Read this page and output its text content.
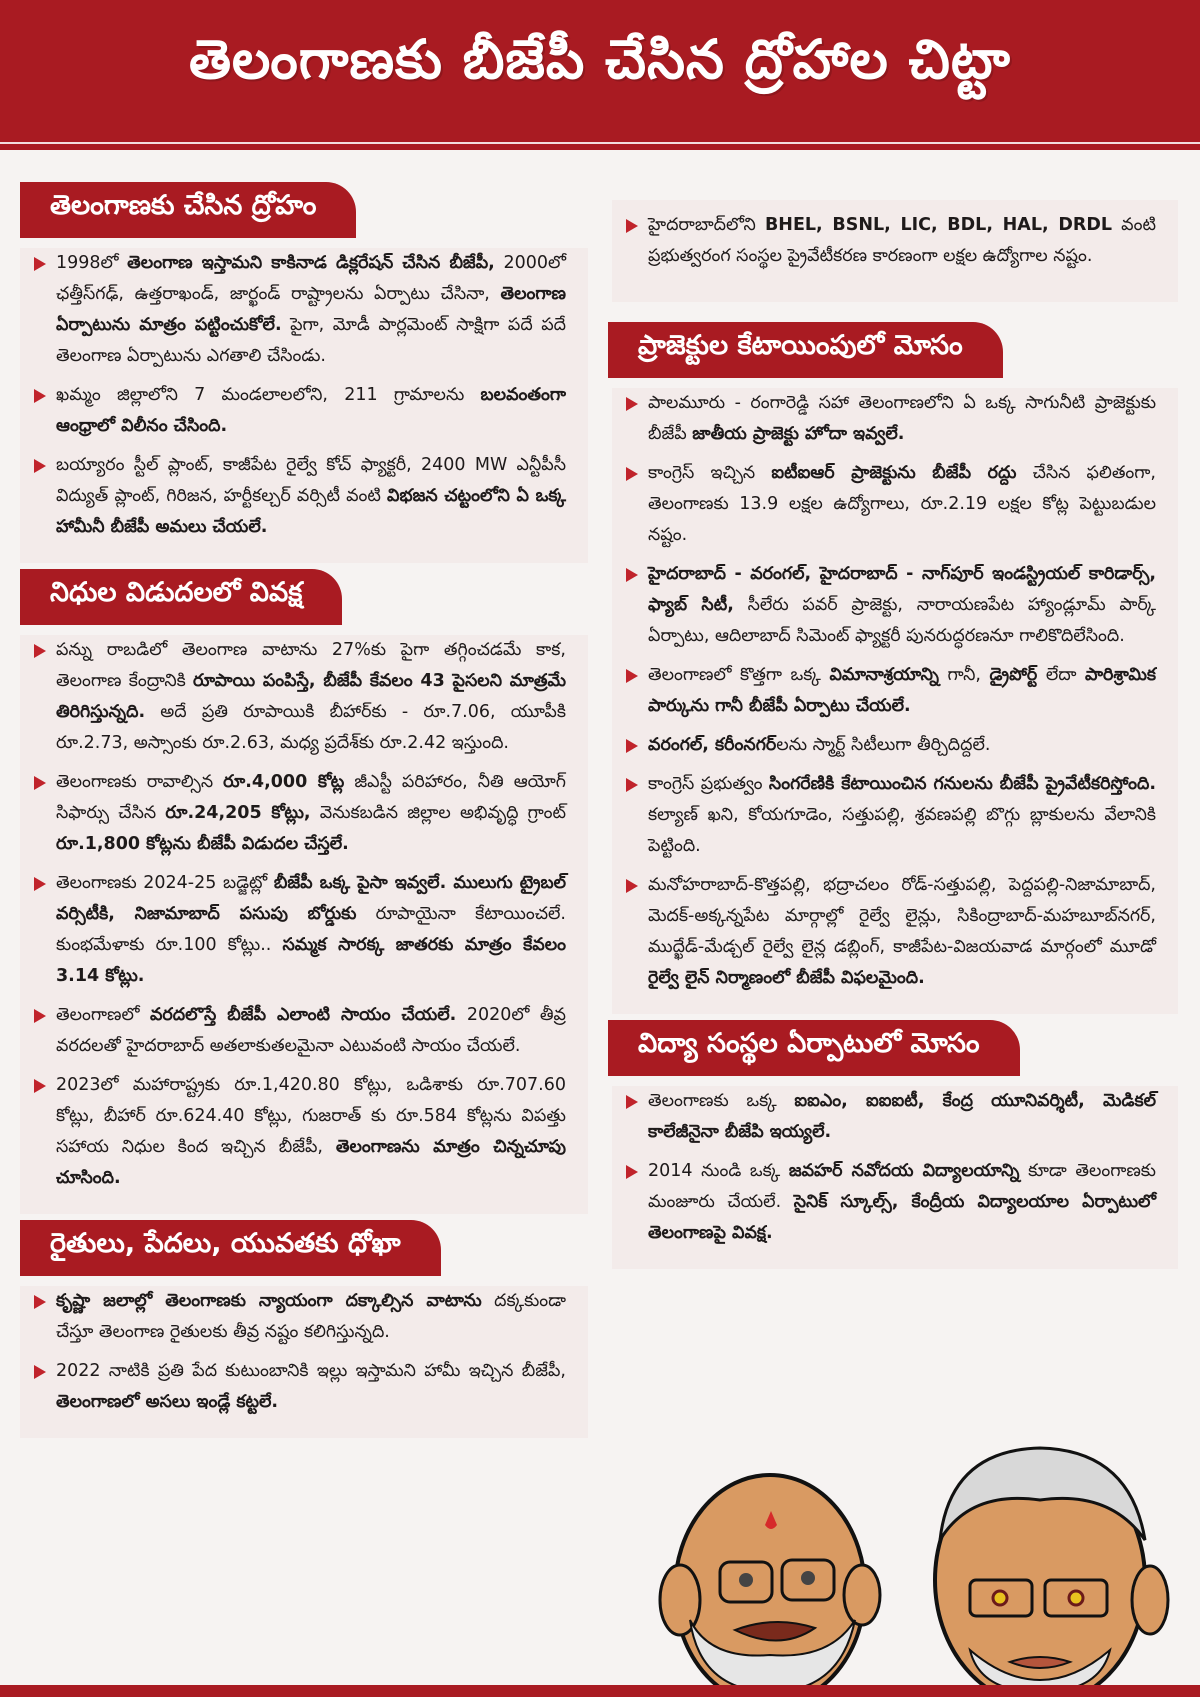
తెలంగాణకు బీజేపీ చేసిన ద్రోహాల చిట్టా
తెలంగాణకు చేసిన ద్రోహం
1998లో తెలంగాణ ఇస్తామని కాకినాడ డిక్లరేషన్ చేసిన బీజేపీ, 2000లో ఛత్తీస్‌గఢ్, ఉత్తరాఖండ్, జార్ఖండ్ రాష్ట్రాలను ఏర్పాటు చేసినా, తెలంగాణ ఏర్పాటును మాత్రం పట్టించుకోలే. పైగా, మోడీ పార్లమెంట్ సాక్షిగా పదే పదే తెలంగాణ ఏర్పాటును ఎగతాలి చేసిండు.
ఖమ్మం జిల్లాలోని 7 మండలాలలోని, 211 గ్రామాలను బలవంతంగా ఆంధ్రాలో విలీనం చేసింది.
బయ్యారం స్టీల్ ప్లాంట్, కాజీపేట రైల్వే కోచ్ ఫ్యాక్టరీ, 2400 MW ఎన్టీపీసీ విద్యుత్ ప్లాంట్, గిరిజన, హర్టీకల్చర్ వర్సిటీ వంటి విభజన చట్టంలోని ఏ ఒక్క హామీనీ బీజేపీ అమలు చేయలే.
నిధుల విడుదలలో వివక్ష
పన్ను రాబడిలో తెలంగాణ వాటాను 27%కు పైగా తగ్గించడమే కాక, తెలంగాణ కేంద్రానికి రూపాయి పంపిస్తే, బీజేపీ కేవలం 43 పైసలని మాత్రమే తిరిగిస్తున్నది. అదే ప్రతి రూపాయికి బీహార్‌కు - రూ.7.06, యూపీకి రూ.2.73, అస్సాంకు రూ.2.63, మధ్య ప్రదేశ్‌కు రూ.2.42 ఇస్తుంది.
తెలంగాణకు రావాల్సిన రూ.4,000 కోట్ల జీఎస్టీ పరిహారం, నీతి ఆయోగ్ సిఫార్సు చేసిన రూ.24,205 కోట్లు, వెనుకబడిన జిల్లాల అభివృద్ధి గ్రాంట్ రూ.1,800 కోట్లను బీజేపీ విడుదల చేస్తలే.
తెలంగాణకు 2024-25 బడ్జెట్లో బీజేపీ ఒక్క పైసా ఇవ్వలే. ములుగు ట్రైబల్ వర్సిటీకి, నిజామాబాద్ పసుపు బోర్డుకు రూపాయైనా కేటాయించలే. కుంభమేళాకు రూ.100 కోట్లు.. సమ్మక సారక్క జాతరకు మాత్రం కేవలం 3.14 కోట్లు.
తెలంగాణలో వరదలొస్తే బీజేపీ ఎలాంటి సాయం చేయలే. 2020లో తీవ్ర వరదలతో హైదరాబాద్ అతలాకుతలమైనా ఎటువంటి సాయం చేయలే.
2023లో మహారాష్ట్రకు రూ.1,420.80 కోట్లు, ఒడిశాకు రూ.707.60 కోట్లు, బీహార్ రూ.624.40 కోట్లు, గుజరాత్ కు రూ.584 కోట్లను విపత్తు సహాయ నిధుల కింద ఇచ్చిన బీజేపీ, తెలంగాణను మాత్రం చిన్నచూపు చూసింది.
రైతులు, పేదలు, యువతకు ధోఖా
కృష్ణా జలాల్లో తెలంగాణకు న్యాయంగా దక్కాల్సిన వాటాను దక్కకుండా చేస్తూ తెలంగాణ రైతులకు తీవ్ర నష్టం కలిగిస్తున్నది.
2022 నాటికి ప్రతి పేద కుటుంబానికి ఇల్లు ఇస్తామని హామీ ఇచ్చిన బీజేపీ, తెలంగాణలో అసలు ఇండ్లే కట్టలే.
హైదరాబాద్‌లోని BHEL, BSNL, LIC, BDL, HAL, DRDL వంటి ప్రభుత్వరంగ సంస్థల ప్రైవేటీకరణ కారణంగా లక్షల ఉద్యోగాల నష్టం.
ప్రాజెక్టుల కేటాయింపులో మోసం
పాలమూరు - రంగారెడ్డి సహా తెలంగాణలోని ఏ ఒక్క సాగునీటి ప్రాజెక్టుకు బీజేపీ జాతీయ ప్రాజెక్టు హోదా ఇవ్వలే.
కాంగ్రెస్ ఇచ్చిన ఐటీఐఆర్ ప్రాజెక్టును బీజేపీ రద్దు చేసిన ఫలితంగా, తెలంగాణకు 13.9 లక్షల ఉద్యోగాలు, రూ.2.19 లక్షల కోట్ల పెట్టుబడుల నష్టం.
హైదరాబాద్ - వరంగల్, హైదరాబాద్ - నాగ్‌పూర్ ఇండస్ట్రియల్ కారిడార్స్, ఫ్యాబ్ సిటీ, సీలేరు పవర్ ప్రాజెక్టు, నారాయణపేట హ్యాండ్లూమ్ పార్క్ ఏర్పాటు, ఆదిలాబాద్ సిమెంట్ ఫ్యాక్టరీ పునరుద్ధరణనూ గాలికొదిలేసింది.
తెలంగాణలో కొత్తగా ఒక్క విమానాశ్రయాన్ని గానీ, డ్రైపోర్ట్ లేదా పారిశ్రామిక పార్కును గానీ బీజేపీ ఏర్పాటు చేయలే.
వరంగల్, కరీంనగర్లను స్మార్ట్ సిటీలుగా తీర్చిదిద్దలే.
కాంగ్రెస్ ప్రభుత్వం సింగరేణికి కేటాయించిన గనులను బీజేపీ ప్రైవేటీకరిస్తోంది. కల్యాణ్ ఖని, కోయగూడెం, సత్తుపల్లి, శ్రవణపల్లి బొగ్గు బ్లాకులను వేలానికి పెట్టింది.
మనోహరాబాద్-కొత్తపల్లి, భద్రాచలం రోడ్-సత్తుపల్లి, పెద్దపల్లి-నిజామాబాద్, మెదక్-అక్కన్నపేట మార్గాల్లో రైల్వే లైన్లు, సికింద్రాబాద్-మహబూబ్‌నగర్, ముద్ఖేడ్-మేడ్చల్ రైల్వే లైన్ల డబ్లింగ్, కాజీపేట-విజయవాడ మార్గంలో మూడో రైల్వే లైన్ నిర్మాణంలో బీజేపీ విఫలమైంది.
విద్యా సంస్థల ఏర్పాటులో మోసం
తెలంగాణకు ఒక్క ఐఐఎం, ఐఐఐటీ, కేంద్ర యూనివర్శిటీ, మెడికల్ కాలేజీనైనా బీజేపి ఇయ్యలే.
2014 నుండి ఒక్క జవహర్ నవోదయ విద్యాలయాన్ని కూడా తెలంగాణకు మంజూరు చేయలే. సైనిక్ స్కూల్స్, కేంద్రీయ విద్యాలయాల ఏర్పాటులో తెలంగాణపై వివక్ష.
